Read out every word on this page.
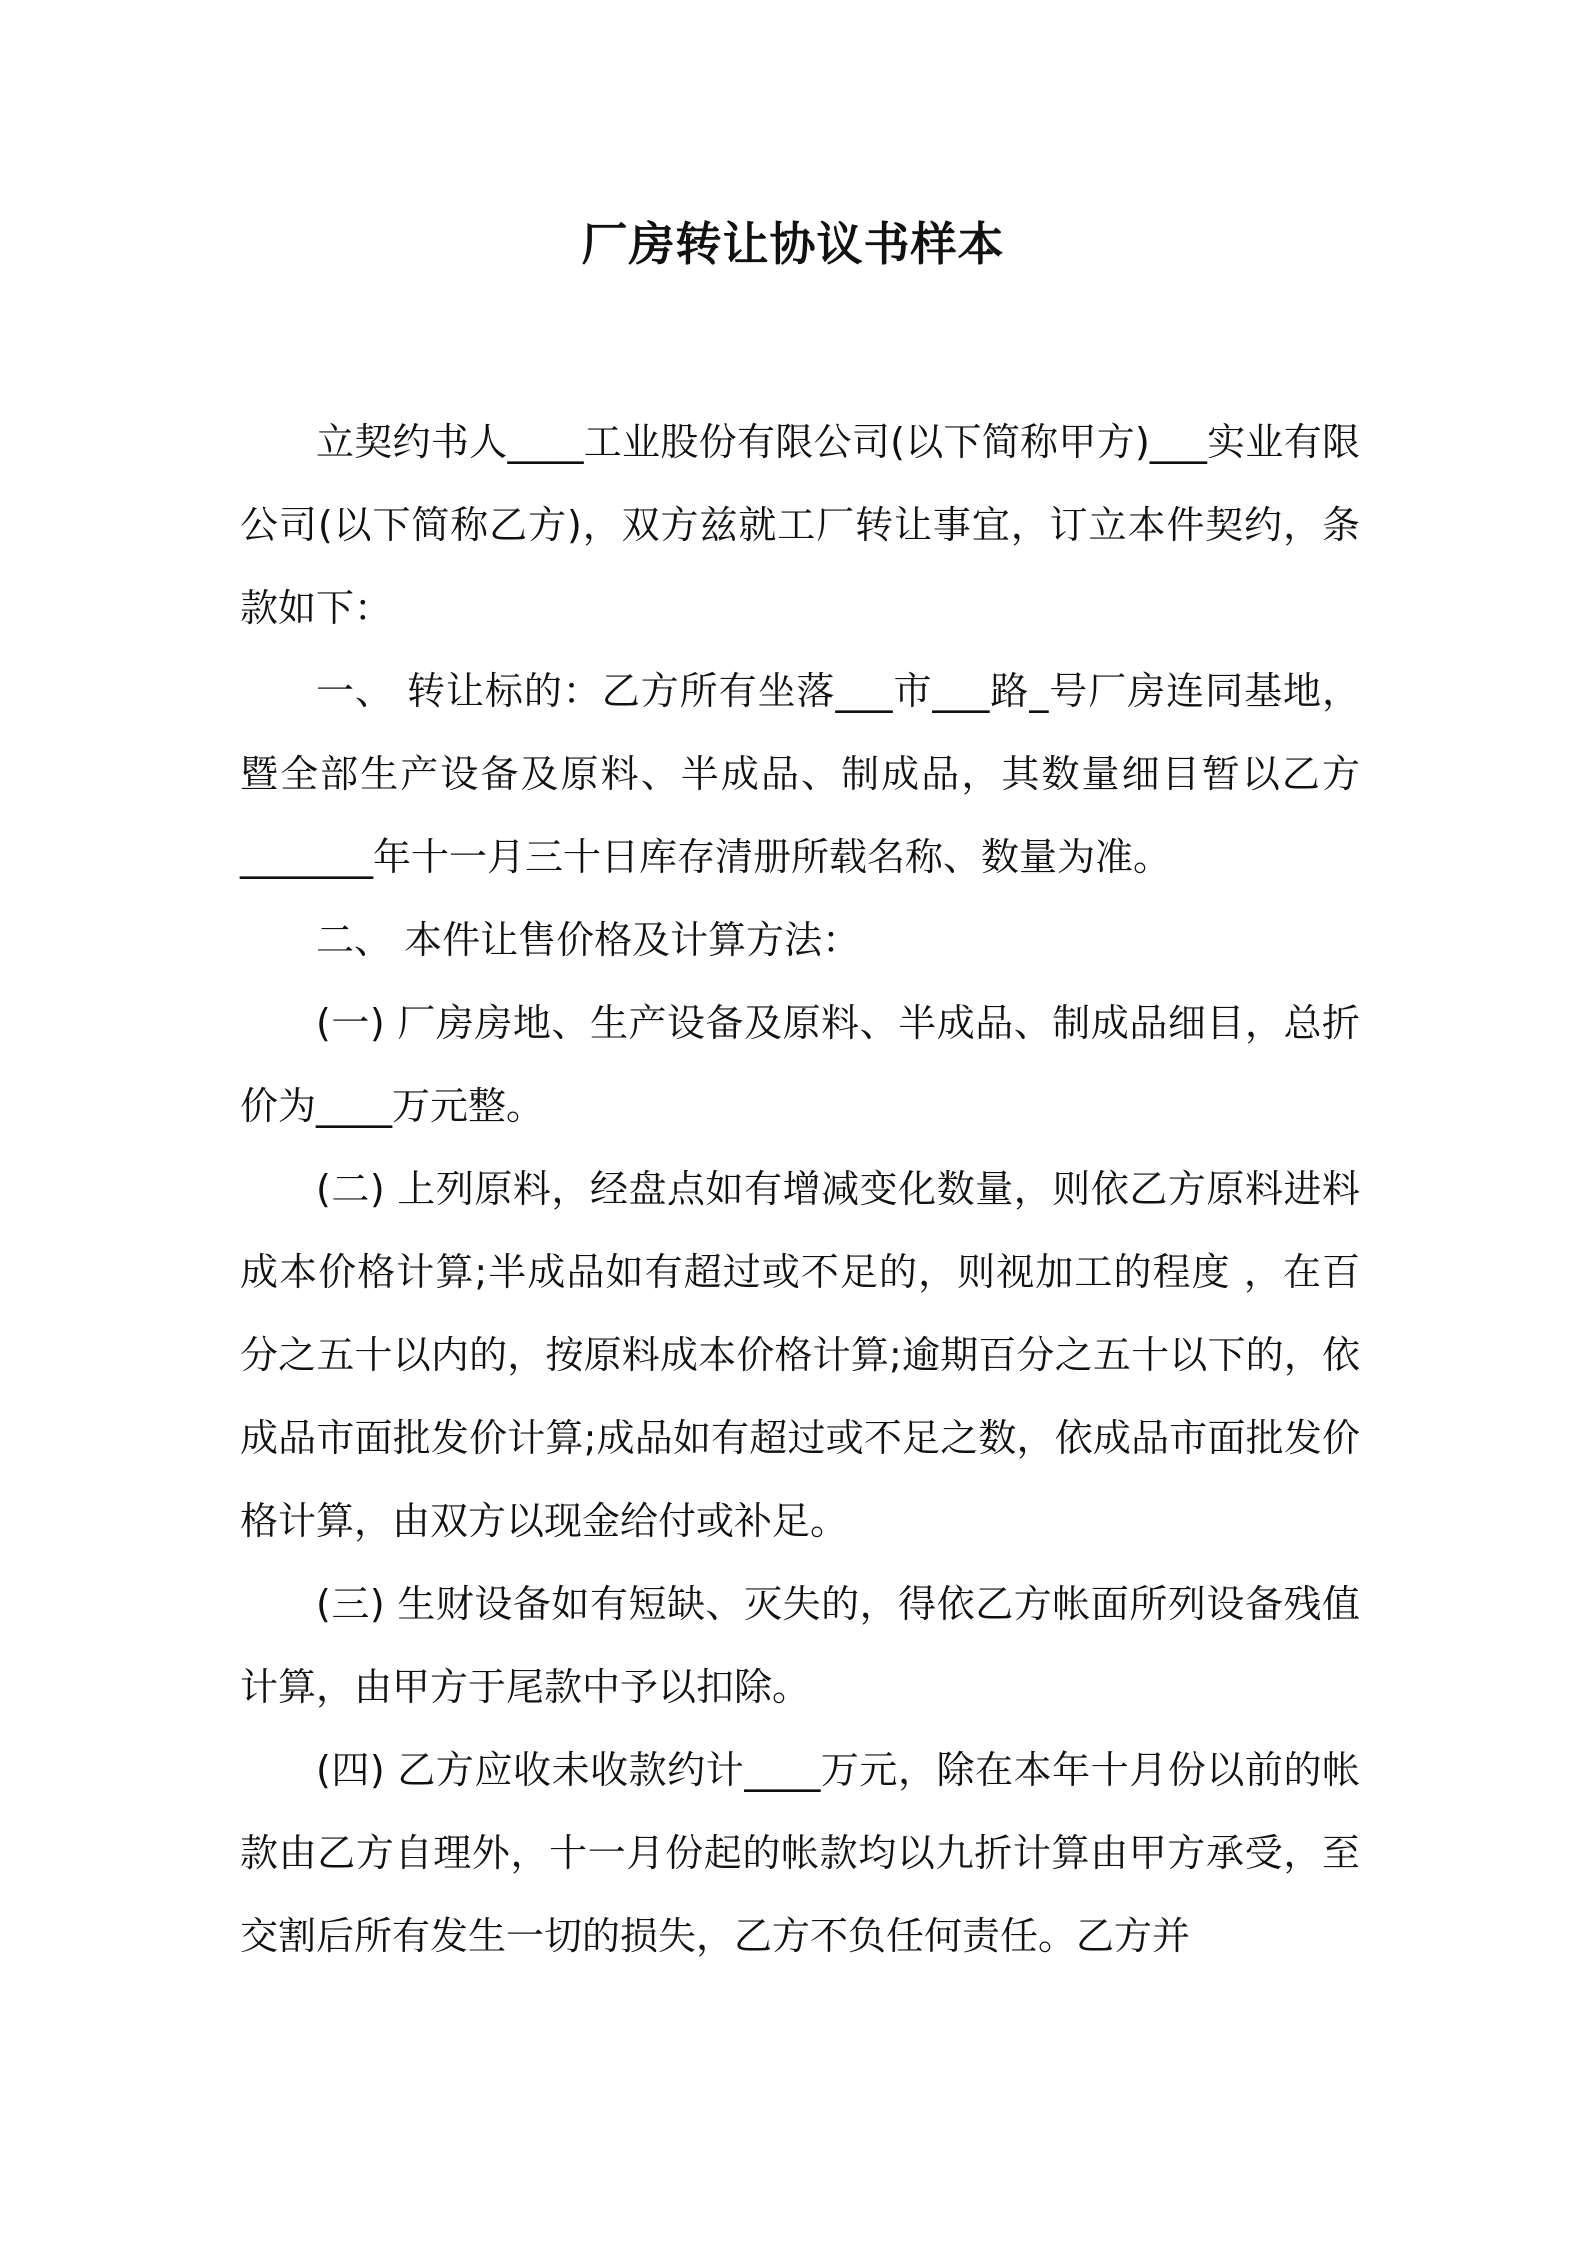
厂房转让协议书样本

立契约书人____工业股份有限公司(以下简称甲方)___实业有限公司(以下简称乙方)，双方兹就工厂转让事宜，订立本件契约，条款如下：

一、 转让标的：乙方所有坐落___市___路_号厂房连同基地，暨全部生产设备及原料、半成品、制成品，其数量细目暂以乙方_______年十一月三十日库存清册所载名称、数量为准。

二、 本件让售价格及计算方法：

(一) 厂房房地、生产设备及原料、半成品、制成品细目，总折价为____万元整。

(二) 上列原料，经盘点如有增减变化数量，则依乙方原料进料成本价格计算;半成品如有超过或不足的，则视加工的程度 ，在百分之五十以内的，按原料成本价格计算;逾期百分之五十以下的，依成品市面批发价计算;成品如有超过或不足之数，依成品市面批发价格计算，由双方以现金给付或补足。

(三) 生财设备如有短缺、灭失的，得依乙方帐面所列设备残值计算，由甲方于尾款中予以扣除。

(四) 乙方应收未收款约计____万元，除在本年十月份以前的帐款由乙方自理外，十一月份起的帐款均以九折计算由甲方承受，至交割后所有发生一切的损失，乙方不负任何责任。乙方并
